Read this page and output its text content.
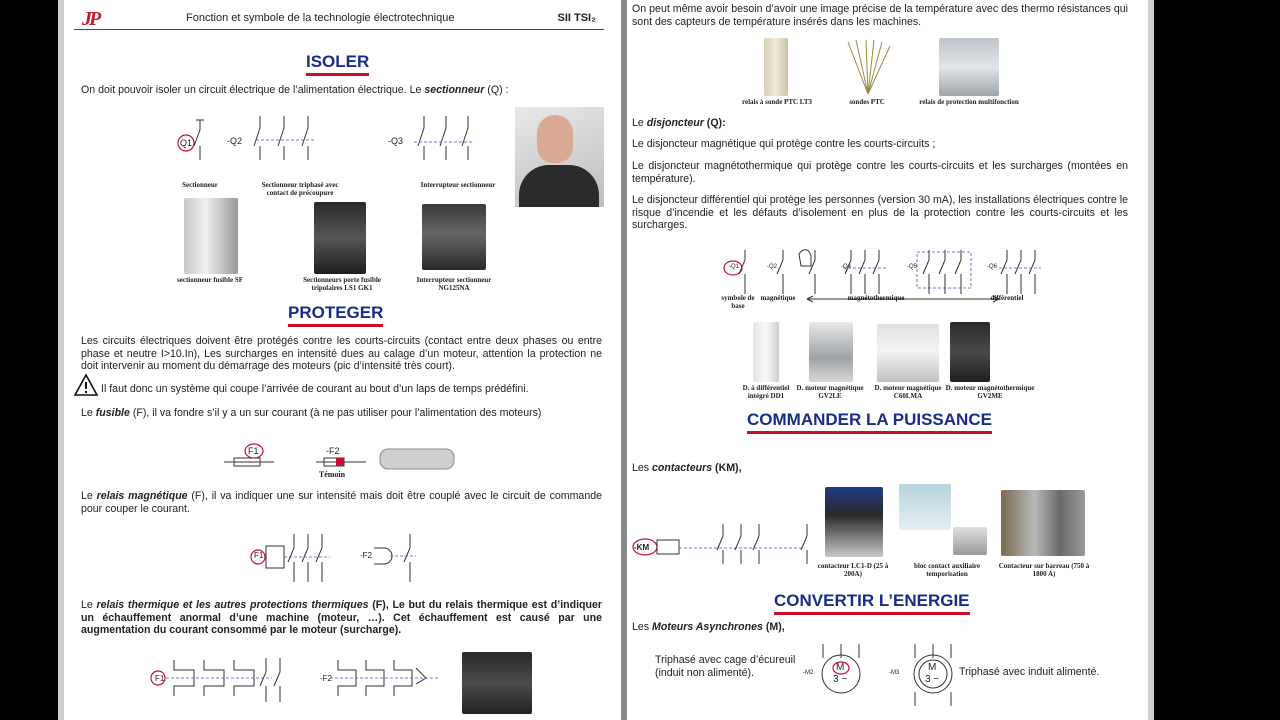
JP	Fonction et symbole de la technologie électrotechnique	SII TSI₂
ISOLER

On doit pouvoir isoler un circuit électrique de l’alimentation électrique. Le sectionneur (Q) :

Q1	-Q2	-Q3
Sectionneur	Sectionneur triphasé avec contact de précoupure
Interrupteur sectionneur
sectionneur fusible SF	Sectionneurs porte fusible tripolaires LS1 GK1
Interrupteur sectionneur NG125NA
PROTEGER

Les circuits électriques doivent être protégés contre les courts-circuits (contact entre deux phases ou entre phase et neutre I>10.In), Les surcharges en intensité dues au calage d’un moteur, attention la protection ne doit intervenir au moment du démarrage des moteurs (pic d’intensité très court).

Il faut donc un système qui coupe l’arrivée de courant au bout d’un laps de temps prédéfini.

Le fusible (F), il va fondre s’il y a un sur courant (à ne pas utiliser pour l’alimentation des moteurs)

F1	-F2
Témoin

Le relais magnétique (F), il va indiquer une sur intensité mais doit être couplé avec le circuit de commande pour couper le courant.

F1	-F2

Le relais thermique et les autres protections thermiques (F), Le but du relais thermique est d’indiquer un échauffement anormal d’une machine (moteur, …). Cet échauffement est causé par une augmentation du courant consommé par le moteur (surcharge).

F1	-F2

On peut même avoir besoin d’avoir une image précise de la température avec des thermo résistances qui sont des capteurs de température insérés dans les machines.

relais à sonde PTC LT3	sondes PTC	relais de protection multifonction

Le disjoncteur (Q):

Le disjoncteur magnétique qui protège contre les courts-circuits ;

Le disjoncteur magnétothermique qui protège contre les courts-circuits et les surcharges (montées en température).

Le disjoncteur différentiel qui protège les personnes (version 30 mA), les installations électriques contre le risque d’incendie et les défauts d’isolement en plus de la protection contre les courts-circuits et les surcharges.

-Q1	-Q2	-Q4	-Q5	-Q6
symbole de base
magnétique	magnétothermique	différentiel
D. à différentiel intégré DD1
D. moteur magnétique GV2LE
D. moteur magnétique C60LMA
D. moteur magnétothermique GV2ME
COMMANDER LA PUISSANCE

Les contacteurs (KM),

-KM
contacteur LC1-D (25 à 200A)
bloc contact auxiliaire temporisation
Contacteur sur barreau (750 à 1800 A)
CONVERTIR L’ENERGIE

Les Moteurs Asynchrones (M),

Triphasé avec cage d’écureuil (induit non alimenté).	M
3 ~
-M2	M
3 ~
-M3	Triphasé avec induit alimenté.
